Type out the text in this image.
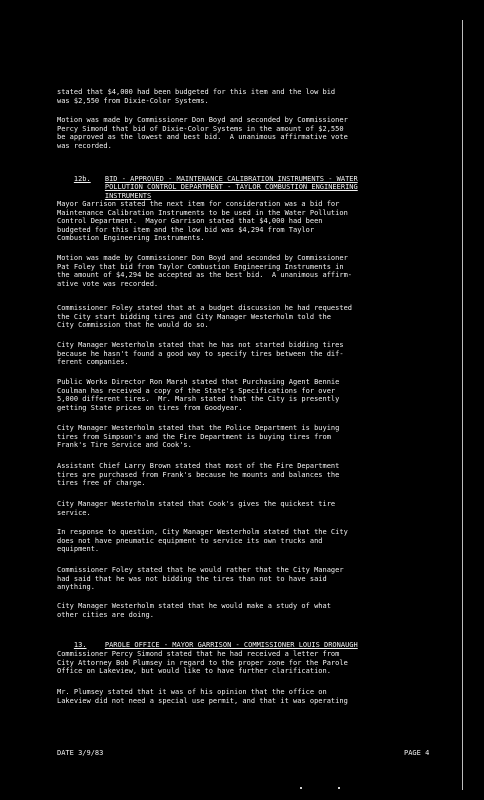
stated that $4,000 had been budgeted for this item and the low bid
was $2,550 from Dixie-Color Systems.
Motion was made by Commissioner Don Boyd and seconded by Commissioner
Percy Simond that bid of Dixie-Color Systems in the amount of $2,550
be approved as the lowest and best bid.  A unanimous affirmative vote
was recorded.

12b. BID - APPROVED - MAINTENANCE CALIBRATION INSTRUMENTS - WATER
POLLUTION CONTROL DEPARTMENT - TAYLOR COMBUSTION ENGINEERING
INSTRUMENTS

Mayor Garrison stated the next item for consideration was a bid for
Maintenance Calibration Instruments to be used in the Water Pollution
Control Department.  Mayor Garrison stated that $4,000 had been
budgeted for this item and the low bid was $4,294 from Taylor
Combustion Engineering Instruments.
Motion was made by Commissioner Don Boyd and seconded by Commissioner
Pat Foley that bid from Taylor Combustion Engineering Instruments in
the amount of $4,294 be accepted as the best bid.  A unanimous affirm-
ative vote was recorded.
Commissioner Foley stated that at a budget discussion he had requested
the City start bidding tires and City Manager Westerholm told the
City Commission that he would do so.
City Manager Westerholm stated that he has not started bidding tires
because he hasn't found a good way to specify tires between the dif-
ferent companies.
Public Works Director Ron Marsh stated that Purchasing Agent Bennie
Coulman has received a copy of the State's Specifications for over
5,000 different tires.  Mr. Marsh stated that the City is presently
getting State prices on tires from Goodyear.
City Manager Westerholm stated that the Police Department is buying
tires from Simpson's and the Fire Department is buying tires from
Frank's Tire Service and Cook's.
Assistant Chief Larry Brown stated that most of the Fire Department
tires are purchased from Frank's because he mounts and balances the
tires free of charge.
City Manager Westerholm stated that Cook's gives the quickest tire
service.
In response to question, City Manager Westerholm stated that the City
does not have pneumatic equipment to service its own trucks and
equipment.
Commissioner Foley stated that he would rather that the City Manager
had said that he was not bidding the tires than not to have said
anything.
City Manager Westerholm stated that he would make a study of what
other cities are doing.

13.	PAROLE OFFICE - MAYOR GARRISON - COMMISSIONER LOUIS DRONAUGH

Commissioner Percy Simond stated that he had received a letter from
City Attorney Bob Plumsey in regard to the proper zone for the Parole
Office on Lakeview, but would like to have further clarification.
Mr. Plumsey stated that it was of his opinion that the office on
Lakeview did not need a special use permit, and that it was operating
DATE 3/9/83	PAGE 4
